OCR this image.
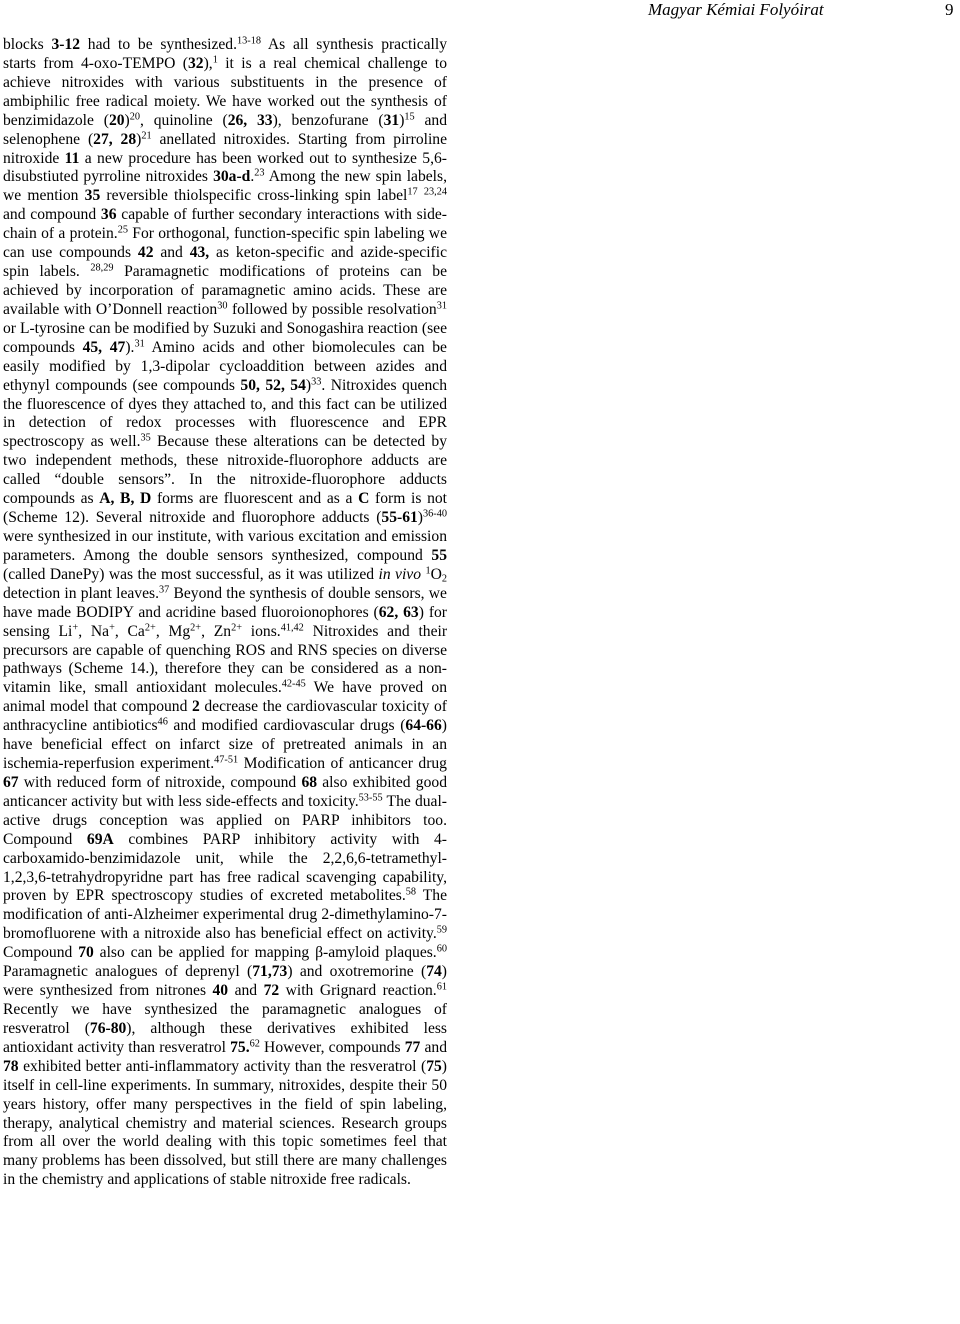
Magyar Kémiai Folyóirat	9

blocks 3-12 had to be synthesized.$^{13-18}$ As all synthesis practically starts from 4-oxo-TEMPO (32),$^1$ it is a real chemical challenge to achieve nitroxides with various substituents in the presence of ambiphilic free radical moiety. We have worked out the synthesis of benzimidazole $(20)^{20}$, quinoline (26, 33), benzofurane $(31)^{15}$ and selenophene (27, 28)$^{21}$ anellated nitroxides. Starting from pirroline nitroxide 11 a new procedure has been worked out to synthesize 5,6-disubstiuted pyrroline nitroxides 30a-d.$^{23}$ Among the new spin labels, we mention 35 reversible thiolspecific cross-linking spin label$^{17}$ $^{23,24}$ and compound 36 capable of further secondary interactions with side-chain of a protein.$^{25}$ For orthogonal, function-specific spin labeling we can use compounds 42 and 43, as keton-specific and azide-specific spin labels. $^{28,29}$ Paramagnetic modifications of proteins can be achieved by incorporation of paramagnetic amino acids. These are available with O’Donnell reaction$^{30}$ followed by possible resolvation$^{31}$ or L-tyrosine can be modified by Suzuki and Sonogashira reaction (see compounds 45, 47).$^{31}$ Amino acids and other biomolecules can be easily modified by 1,3-dipolar cycloaddition between azides and ethynyl compounds (see compounds 50, 52, 54)$^{33}$. Nitroxides quench the fluorescence of dyes they attached to, and this fact can be utilized in detection of redox processes with fluorescence and EPR spectroscopy as well.$^{35}$ Because these alterations can be detected by two independent methods, these nitroxide-fluorophore adducts are called “double sensors”. In the nitroxide-fluorophore adducts compounds as A, B, D forms are fluorescent and as a C form is not (Scheme 12). Several nitroxide and fluorophore adducts $(55-61)^{36-40}$ were synthesized in our institute, with various excitation and emission parameters. Among the double sensors synthesized, compound 55 (called DanePy) was the most successful, as it was utilized in vivo $^1O_2$ detection in plant leaves.$^{37}$ Beyond the synthesis of double sensors, we have made BODIPY and acridine based fluoroionophores (62, 63) for sensing Li+, Na+, $Ca^{2+}$, $Mg^{2+}$, $Zn^{2+}$ ions.$^{41,42}$ Nitroxides and their precursors are capable of quenching ROS and RNS species on diverse pathways (Scheme 14.), therefore they can be considered as a non-vitamin like, small antioxidant molecules.$^{42-45}$ We have proved on animal model that compound 2 decrease the cardiovascular toxicity of anthracycline antibiotics$^{46}$ and modified cardiovascular drugs (64-66) have beneficial effect on infarct size of pretreated animals in an ischemia-reperfusion experiment.$^{47-51}$ Modification of anticancer drug 67 with reduced form of nitroxide, compound 68 also exhibited good anticancer activity but with less side-effects and toxicity.$^{53-55}$ The dual-active drugs conception was applied on PARP inhibitors too. Compound 69A combines PARP inhibitory activity with 4-carboxamido-benzimidazole unit, while the 2,2,6,6-tetramethyl-1,2,3,6-tetrahydropyridne part has free radical scavenging capability, proven by EPR spectroscopy studies of excreted metabolites.$^{58}$ The modification of anti-Alzheimer experimental drug 2-dimethylamino-7-bromofluorene with a nitroxide also has beneficial effect on activity.$^{59}$ Compound 70 also can be applied for mapping β-amyloid plaques.$^{60}$ Paramagnetic analogues of deprenyl (71,73) and oxotremorine (74) were synthesized from nitrones 40 and 72 with Grignard reaction.$^{61}$ Recently we have synthesized the paramagnetic analogues of resveratrol (76-80), although these derivatives exhibited less antioxidant activity than resveratrol 75.62 However, compounds 77 and 78 exhibited better anti-inflammatory activity than the resveratrol (75) itself in cell-line experiments. In summary, nitroxides, despite their 50 years history, offer many perspectives in the field of spin labeling, therapy, analytical chemistry and material sciences. Research groups from all over the world dealing with this topic sometimes feel that many problems has been dissolved, but still there are many challenges in the chemistry and applications of stable nitroxide free radicals.
